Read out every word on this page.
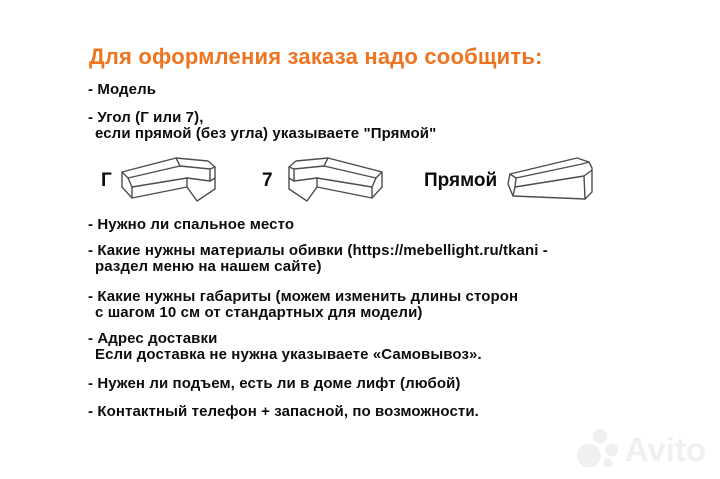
Для оформления заказа надо сообщить:
- Модель
- Угол (Г или 7),
если прямой (без угла) указываете "Прямой"
Г	7	Прямой
- Нужно ли спальное место
- Какие нужны материалы обивки (https://mebellight.ru/tkani -
раздел меню на нашем сайте)
- Какие нужны габариты (можем изменить длины сторон
с шагом 10 см от стандартных для модели)
- Адрес доставки
Если доставка не нужна указываете «Самовывоз».
- Нужен ли подъем, есть ли в доме лифт (любой)
- Контактный телефон + запасной, по возможности.
Avito
